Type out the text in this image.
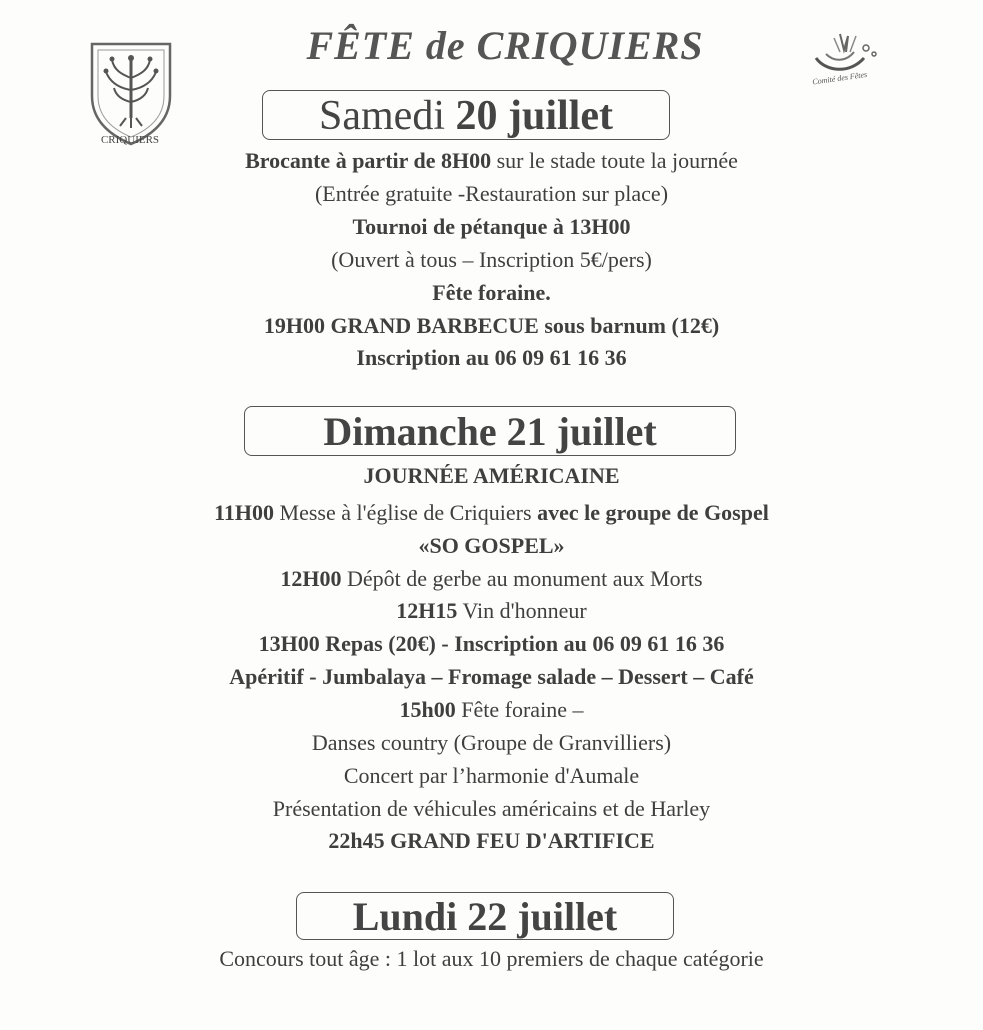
CRIQUIERS
FÊTE de CRIQUIERS
Comité des Fêtes
Samedi 20 juillet
Brocante à partir de 8H00 sur le stade toute la journée
(Entrée gratuite -Restauration sur place)
Tournoi de pétanque à 13H00
(Ouvert à tous – Inscription 5€/pers)
Fête foraine.
19H00 GRAND BARBECUE sous barnum (12€)
Inscription au 06 09 61 16 36
Dimanche 21 juillet
JOURNÉE AMÉRICAINE
11H00 Messe à l'église de Criquiers avec le groupe de Gospel
«SO GOSPEL»
12H00 Dépôt de gerbe au monument aux Morts
12H15 Vin d'honneur
13H00 Repas (20€) - Inscription au 06 09 61 16 36
Apéritif - Jumbalaya – Fromage salade – Dessert – Café
15h00 Fête foraine –
Danses country (Groupe de Granvilliers)
Concert par l’harmonie d'Aumale
Présentation de véhicules américains et de Harley
22h45 GRAND FEU D'ARTIFICE
Lundi 22 juillet
Concours tout âge : 1 lot aux 10 premiers de chaque catégorie
